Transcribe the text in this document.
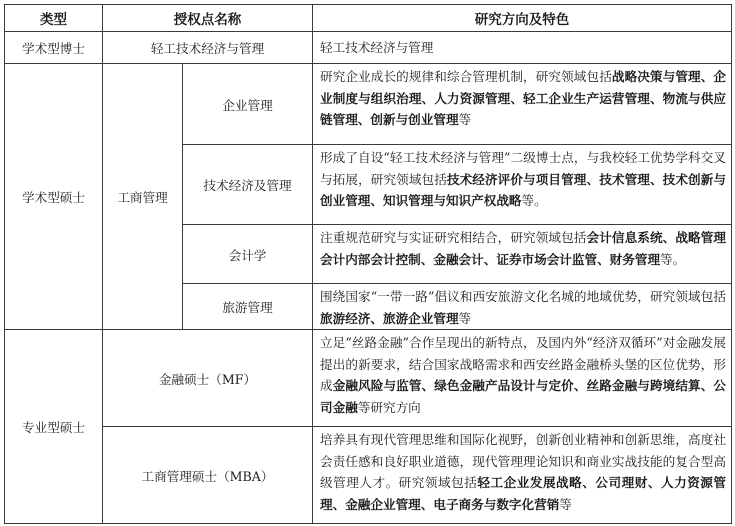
类型	授权点名称		研究方向及特色
学术型博士	轻工技术经济与管理		轻工技术经济与管理
学术型硕士	工商管理	企业管理	研究企业成长的规律和综合管理机制，研究领域包括战略决策与管理、企业制度与组织治理、人力资源管理、轻工企业生产运营管理、物流与供应链管理、创新与创业管理等
		技术经济及管理	形成了自设“轻工技术经济与管理”二级博士点，与我校轻工优势学科交叉与拓展，研究领域包括技术经济评价与项目管理、技术管理、技术创新与创业管理、知识管理与知识产权战略等。
		会计学	注重规范研究与实证研究相结合，研究领域包括会计信息系统、战略管理会计内部会计控制、金融会计、证券市场会计监管、财务管理等。
		旅游管理	围绕国家“一带一路”倡议和西安旅游文化名城的地域优势，研究领域包括旅游经济、旅游企业管理等
专业型硕士	金融硕士（MF）		立足“丝路金融”合作呈现出的新特点，及国内外“经济双循环”对金融发展提出的新要求，结合国家战略需求和西安丝路金融桥头堡的区位优势，形成金融风险与监管、绿色金融产品设计与定价、丝路金融与跨境结算、公司金融等研究方向
	工商管理硕士（MBA）		培养具有现代管理思维和国际化视野，创新创业精神和创新思维，高度社会责任感和良好职业道德，现代管理理论知识和商业实战技能的复合型高级管理人才。研究领域包括轻工企业发展战略、公司理财、人力资源管理、金融企业管理、电子商务与数字化营销等
